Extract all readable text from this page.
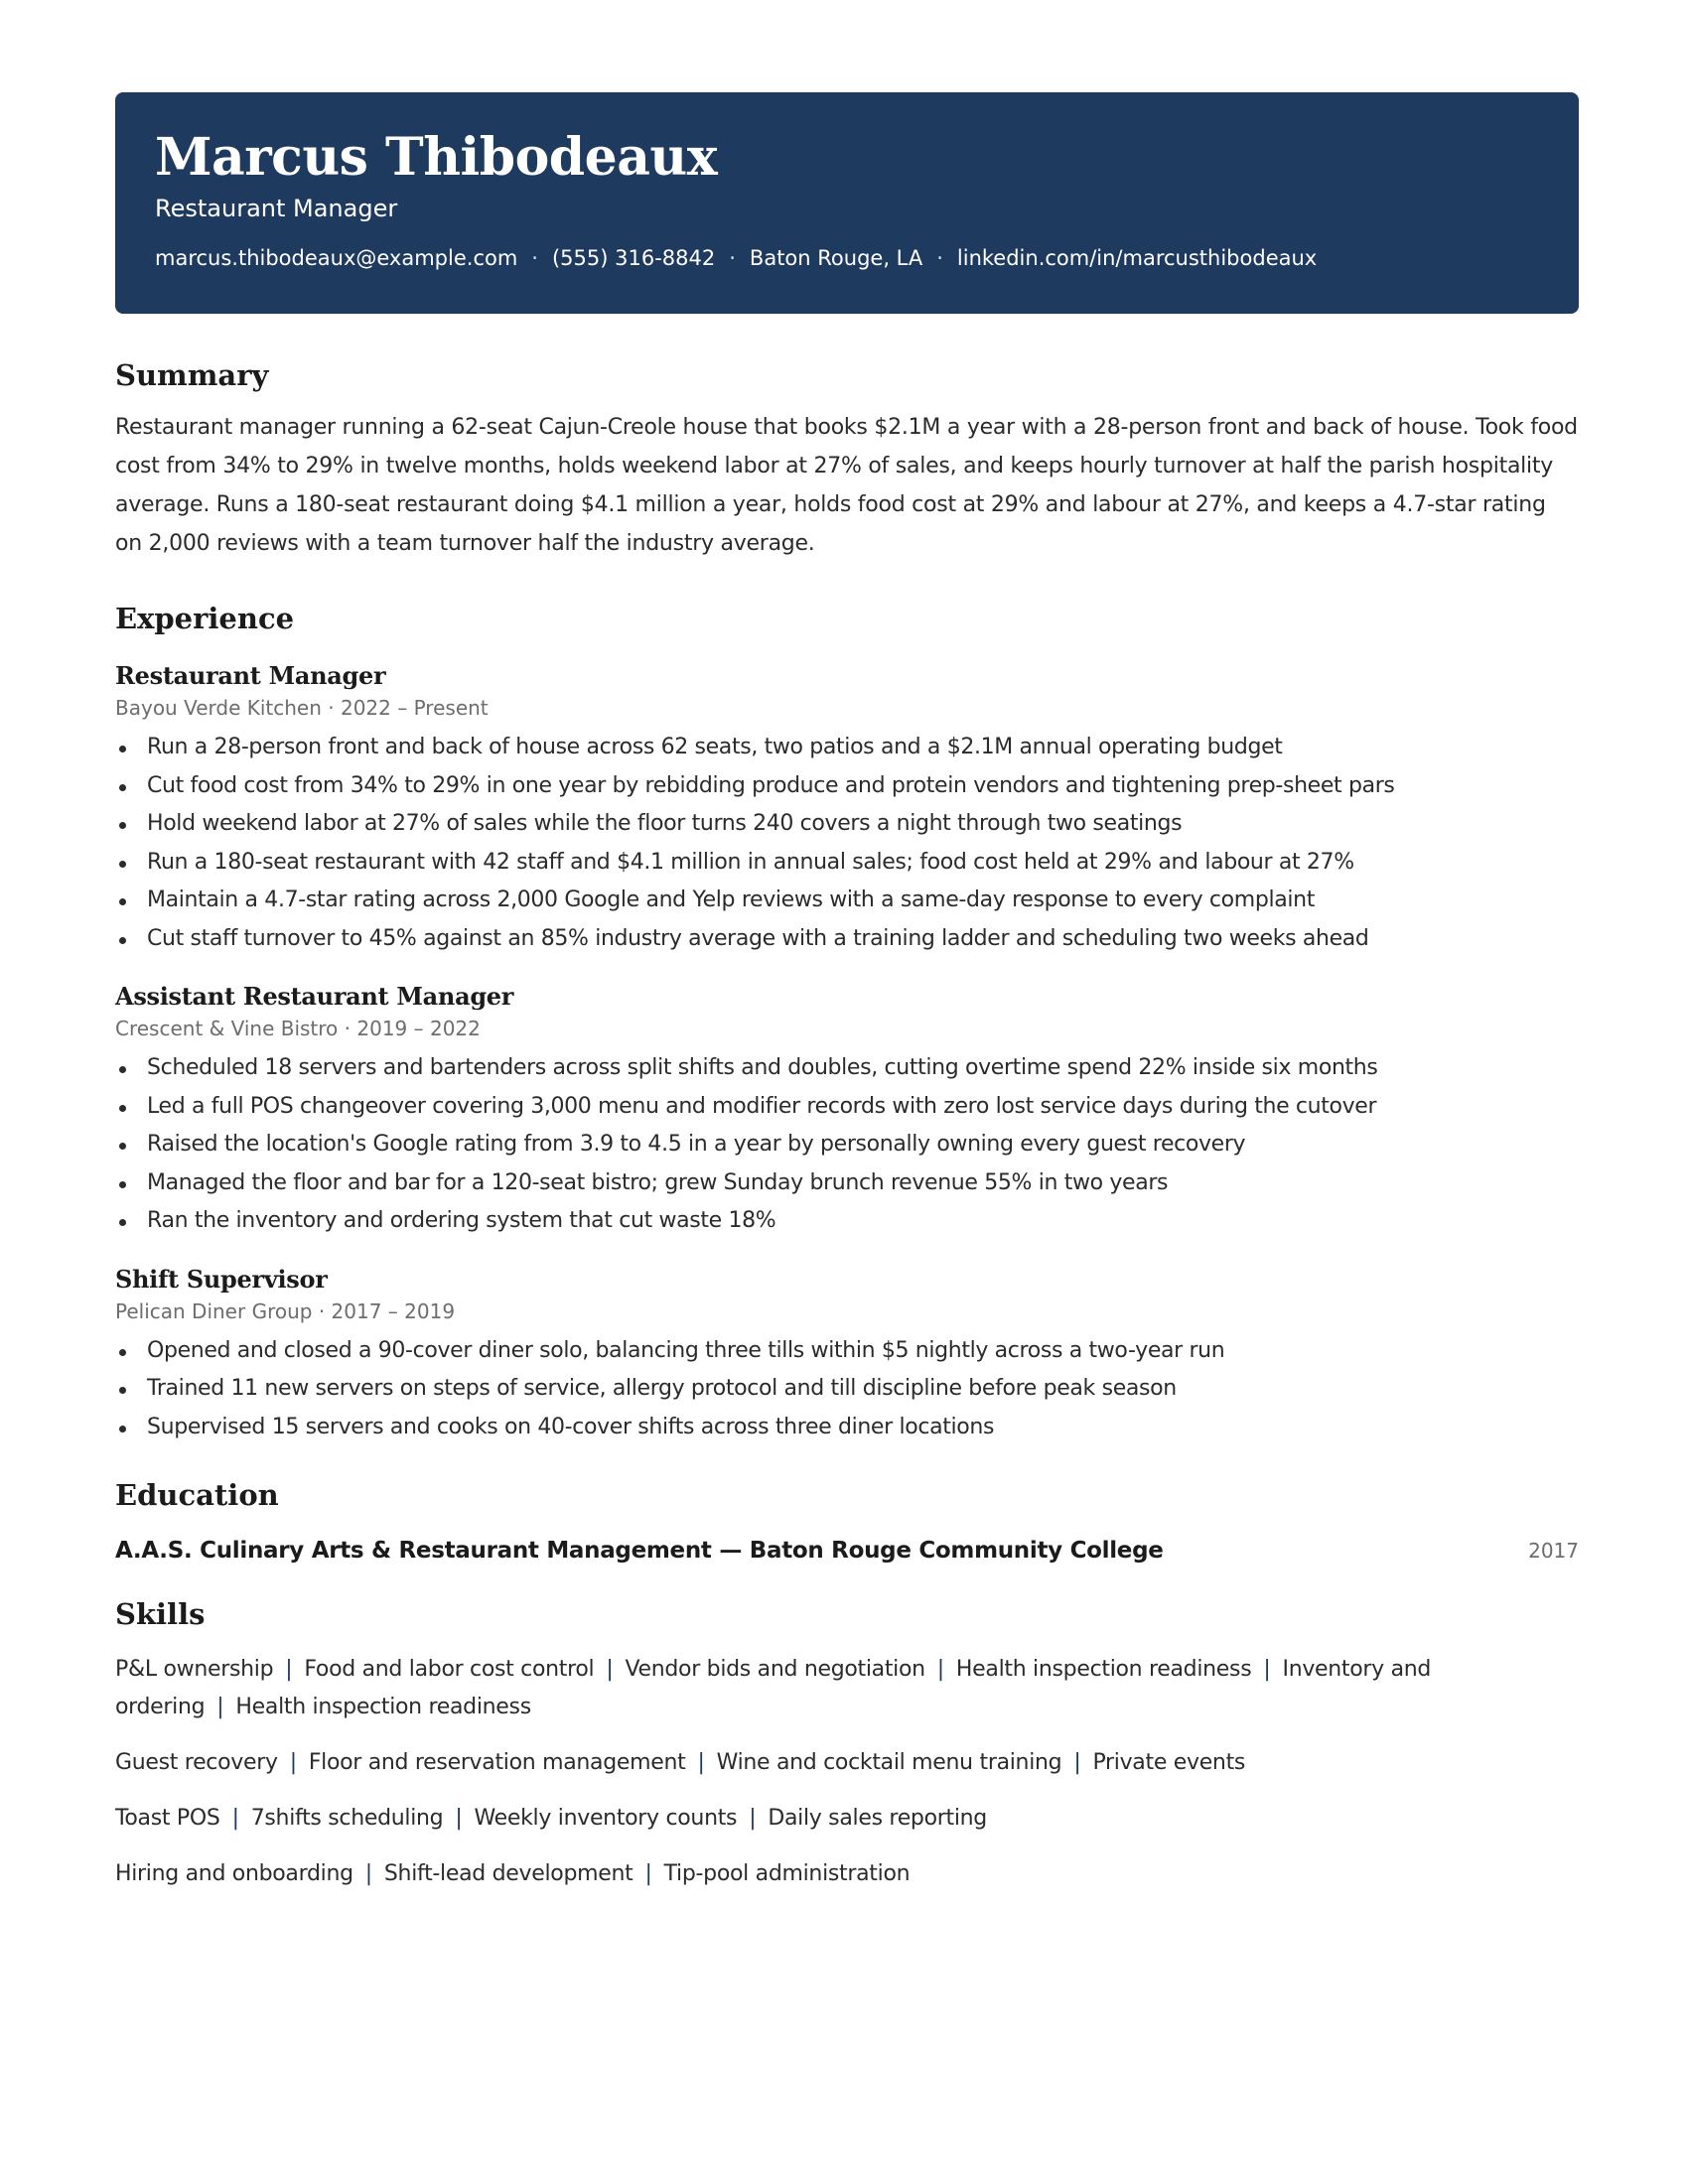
Marcus Thibodeaux
Restaurant Manager
marcus.thibodeaux@example.com · (555) 316-8842 · Baton Rouge, LA · linkedin.com/in/marcusthibodeaux
Summary

Restaurant manager running a 62-seat Cajun-Creole house that books $2.1M a year with a 28-person front and back of house. Took food cost from 34% to 29% in twelve months, holds weekend labor at 27% of sales, and keeps hourly turnover at half the parish hospitality average. Runs a 180-seat restaurant doing $4.1 million a year, holds food cost at 29% and labour at 27%, and keeps a 4.7-star rating on 2,000 reviews with a team turnover half the industry average.

Experience
Restaurant Manager
Bayou Verde Kitchen · 2022 – Present
Run a 28-person front and back of house across 62 seats, two patios and a $2.1M annual operating budget
Cut food cost from 34% to 29% in one year by rebidding produce and protein vendors and tightening prep-sheet pars
Hold weekend labor at 27% of sales while the floor turns 240 covers a night through two seatings
Run a 180-seat restaurant with 42 staff and $4.1 million in annual sales; food cost held at 29% and labour at 27%
Maintain a 4.7-star rating across 2,000 Google and Yelp reviews with a same-day response to every complaint
Cut staff turnover to 45% against an 85% industry average with a training ladder and scheduling two weeks ahead
Assistant Restaurant Manager
Crescent & Vine Bistro · 2019 – 2022
Scheduled 18 servers and bartenders across split shifts and doubles, cutting overtime spend 22% inside six months
Led a full POS changeover covering 3,000 menu and modifier records with zero lost service days during the cutover
Raised the location's Google rating from 3.9 to 4.5 in a year by personally owning every guest recovery
Managed the floor and bar for a 120-seat bistro; grew Sunday brunch revenue 55% in two years
Ran the inventory and ordering system that cut waste 18%
Shift Supervisor
Pelican Diner Group · 2017 – 2019
Opened and closed a 90-cover diner solo, balancing three tills within $5 nightly across a two-year run
Trained 11 new servers on steps of service, allergy protocol and till discipline before peak season
Supervised 15 servers and cooks on 40-cover shifts across three diner locations
Education
A.A.S. Culinary Arts & Restaurant Management — Baton Rouge Community College	2017
Skills
P&L ownership | Food and labor cost control | Vendor bids and negotiation | Health inspection readiness | Inventory and ordering | Health inspection readiness
Guest recovery | Floor and reservation management | Wine and cocktail menu training | Private events
Toast POS | 7shifts scheduling | Weekly inventory counts | Daily sales reporting
Hiring and onboarding | Shift-lead development | Tip-pool administration
